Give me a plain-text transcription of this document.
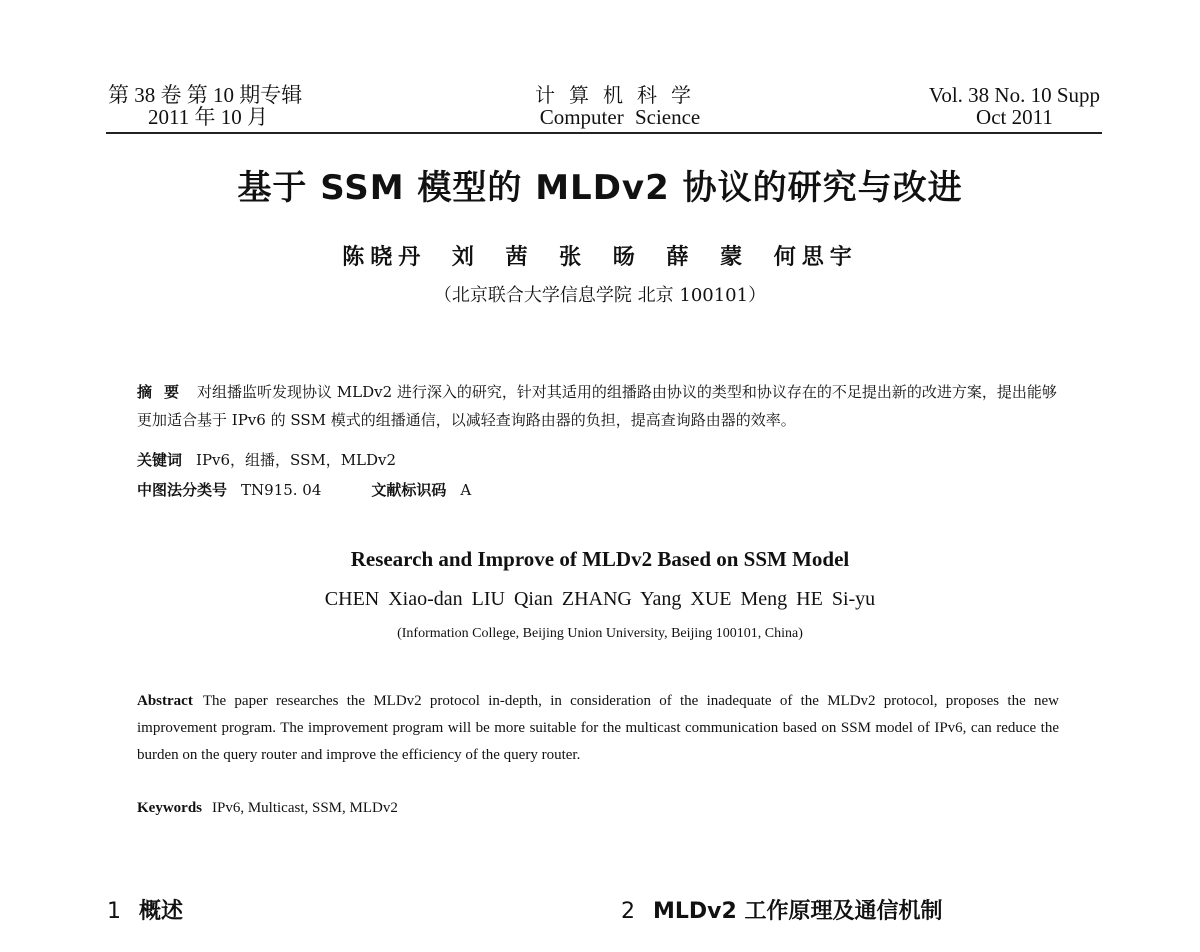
第 38 卷 第 10 期专辑
2011 年 10 月
计算机科学
Computer Science
Vol. 38 No. 10 Supp
Oct 2011
基于 SSM 模型的 MLDv2 协议的研究与改进
陈晓丹 刘 茜 张 旸 薛 蒙 何思宇
（北京联合大学信息学院 北京 100101）
摘要 对组播监听发现协议 MLDv2 进行深入的研究，针对其适用的组播路由协议的类型和协议存在的不足提出新的改进方案，提出能够更加适合基于 IPv6 的 SSM 模式的组播通信，以减轻查询路由器的负担，提高查询路由器的效率。
关键词 IPv6，组播，SSM，MLDv2
中图法分类号 TN915. 04	文献标识码 A
Research and Improve of MLDv2 Based on SSM Model
CHEN Xiao-dan LIU Qian ZHANG Yang XUE Meng HE Si-yu
(Information College, Beijing Union University, Beijing 100101, China)
Abstract The paper researches the MLDv2 protocol in-depth, in consideration of the inadequate of the MLDv2 protocol, proposes the new improvement program. The improvement program will be more suitable for the multicast communication based on SSM model of IPv6, can reduce the burden on the query router and improve the efficiency of the query router.
Keywords IPv6, Multicast, SSM, MLDv2
1 概述	2 MLDv2 工作原理及通信机制
